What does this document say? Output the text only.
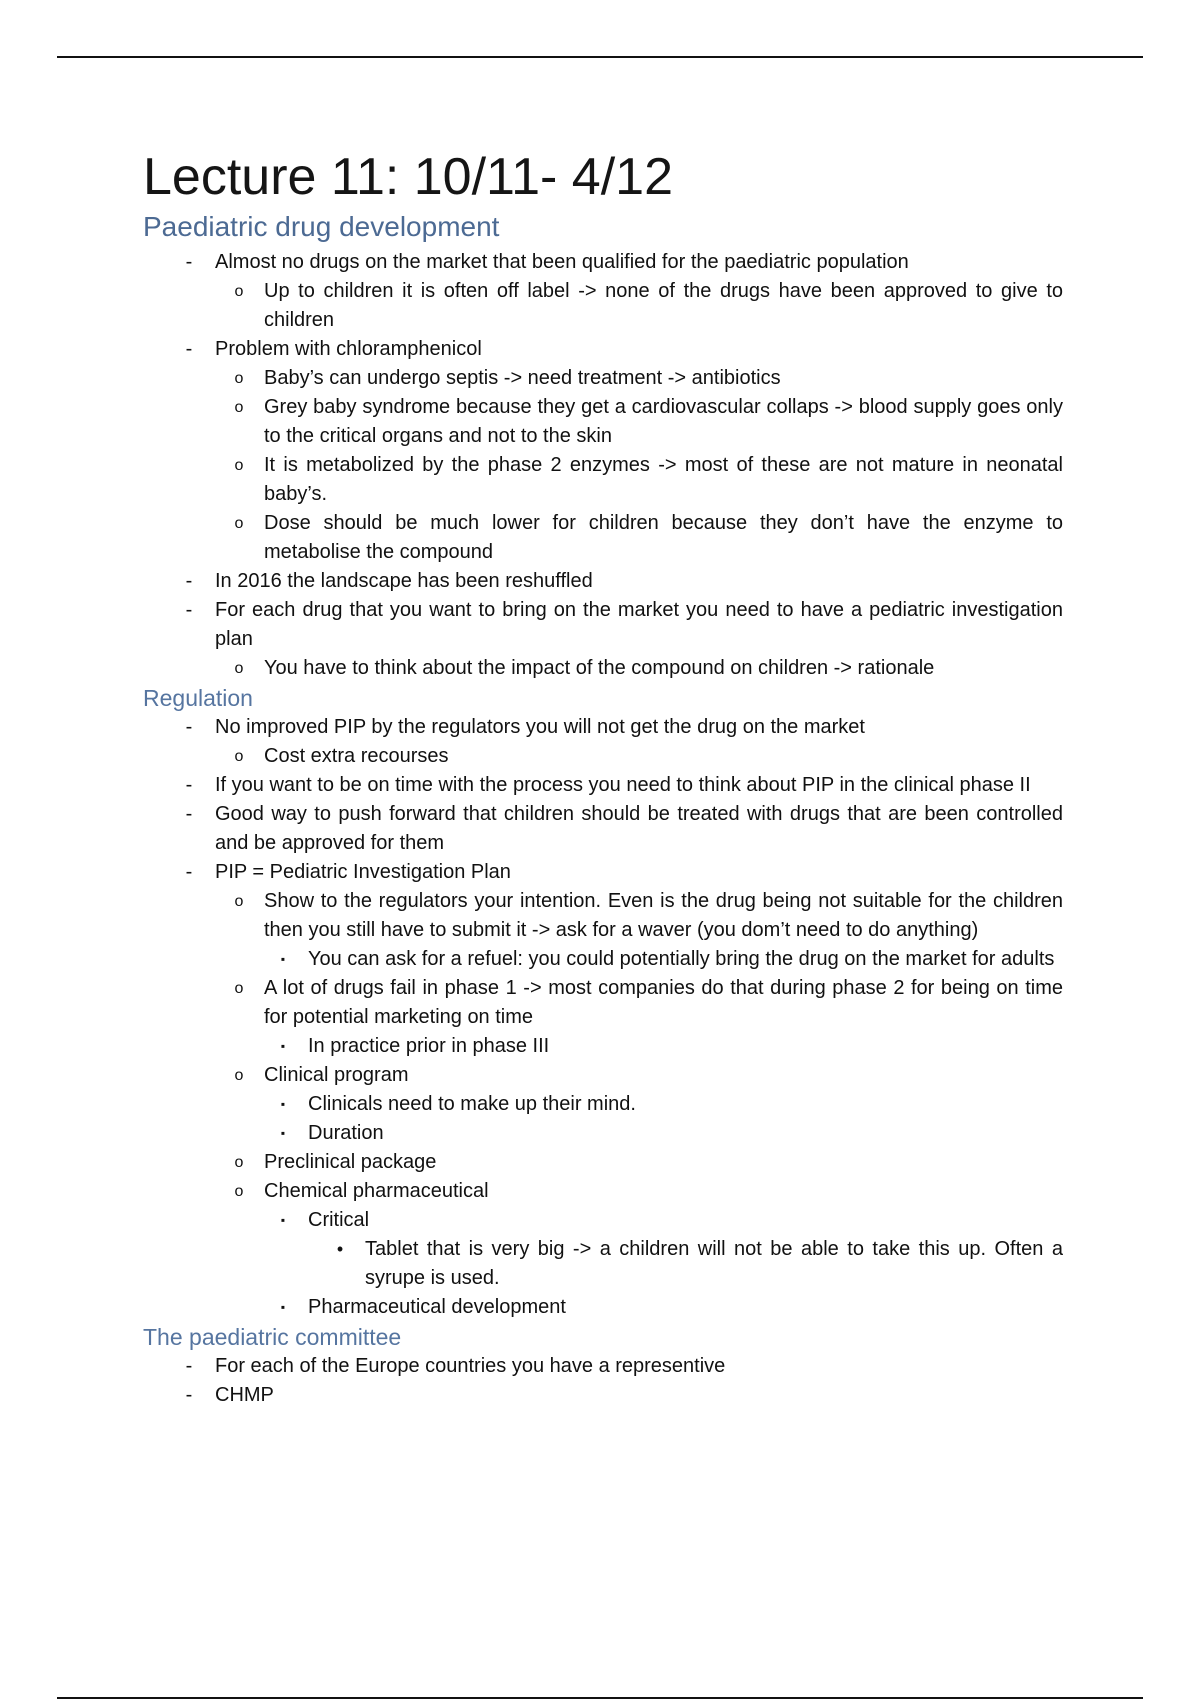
Lecture 11: 10/11- 4/12
Paediatric drug development
-	Almost no drugs on the market that been qualified for the paediatric population
o Up to children it is often off label -> none of the drugs have been approved to give to children
-	Problem with chloramphenicol
o Baby’s can undergo septis -> need treatment -> antibiotics
o Grey baby syndrome because they get a cardiovascular collaps -> blood supply goes only to the critical organs and not to the skin
o It is metabolized by the phase 2 enzymes -> most of these are not mature in neonatal baby’s.
o Dose should be much lower for children because they don’t have the enzyme to metabolise the compound
-	In 2016 the landscape has been reshuffled
-	For each drug that you want to bring on the market you need to have a pediatric investigation plan
o You have to think about the impact of the compound on children -> rationale
Regulation
-	No improved PIP by the regulators you will not get the drug on the market
o Cost extra recourses
-	If you want to be on time with the process you need to think about PIP in the clinical phase II
-	Good way to push forward that children should be treated with drugs that are been controlled and be approved for them
-	PIP = Pediatric Investigation Plan
o Show to the regulators your intention. Even is the drug being not suitable for the children then you still have to submit it -> ask for a waver (you dom’t need to do anything)
▪	You can ask for a refuel: you could potentially bring the drug on the market for adults
o A lot of drugs fail in phase 1 -> most companies do that during phase 2 for being on time for potential marketing on time
▪	In practice prior in phase III
o Clinical program
▪	Clinicals need to make up their mind.
▪	Duration
o Preclinical package
o Chemical pharmaceutical
▪	Critical
•	Tablet that is very big -> a children will not be able to take this up. Often a syrupe is used.
▪	Pharmaceutical development
The paediatric committee
-	For each of the Europe countries you have a representive
-	CHMP
